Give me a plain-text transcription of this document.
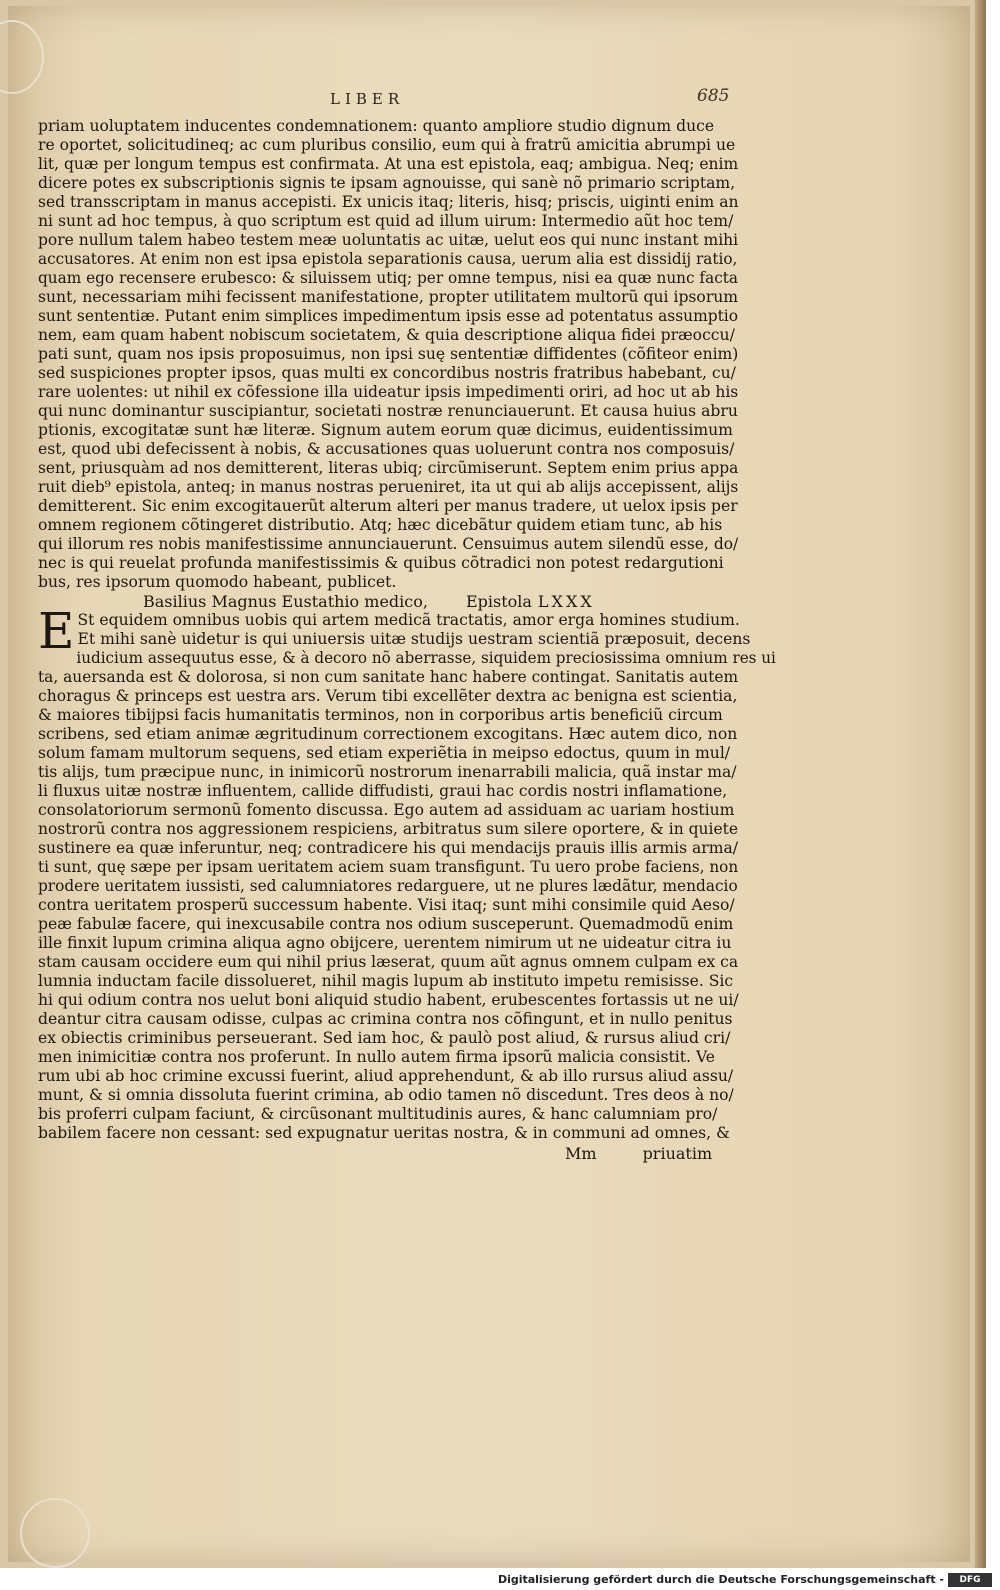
LIBER	685
priam uoluptatem inducentes condemnationem: quanto ampliore studio dignum duce
re oportet, solicitudineq; ac cum pluribus consilio, eum qui à fratrũ amicitia abrumpi ue
lit, quæ per longum tempus est confirmata. At una est epistola, eaq; ambigua. Neq; enim
dicere potes ex subscriptionis signis te ipsam agnouisse, qui sanè nõ primario scriptam,
sed transscriptam in manus accepisti. Ex unicis itaq; literis, hisq; priscis, uiginti enim an
ni sunt ad hoc tempus, à quo scriptum est quid ad illum uirum: Intermedio aũt hoc tem/
pore nullum talem habeo testem meæ uoluntatis ac uitæ, uelut eos qui nunc instant mihi
accusatores. At enim non est ipsa epistola separationis causa, uerum alia est dissidij ratio,
quam ego recensere erubesco: & siluissem utiq; per omne tempus, nisi ea quæ nunc facta
sunt, necessariam mihi fecissent manifestatione, propter utilitatem multorũ qui ipsorum
sunt sententiæ. Putant enim simplices impedimentum ipsis esse ad potentatus assumptio
nem, eam quam habent nobiscum societatem, & quia descriptione aliqua fidei præoccu/
pati sunt, quam nos ipsis proposuimus, non ipsi suę sententiæ diffidentes (cõfiteor enim)
sed suspiciones propter ipsos, quas multi ex concordibus nostris fratribus habebant, cu/
rare uolentes: ut nihil ex cõfessione illa uideatur ipsis impedimenti oriri, ad hoc ut ab his
qui nunc dominantur suscipiantur, societati nostræ renunciauerunt. Et causa huius abru
ptionis, excogitatæ sunt hæ literæ. Signum autem eorum quæ dicimus, euidentissimum
est, quod ubi defecissent à nobis, & accusationes quas uoluerunt contra nos composuis/
sent, priusquàm ad nos demitterent, literas ubiq; circũmiserunt. Septem enim prius appa
ruit dieb⁹ epistola, anteq; in manus nostras perueniret, ita ut qui ab alijs accepissent, alijs
demitterent. Sic enim excogitauerũt alterum alteri per manus tradere, ut uelox ipsis per
omnem regionem cõtingeret distributio. Atq; hæc dicebãtur quidem etiam tunc, ab his
qui illorum res nobis manifestissime annunciauerunt. Censuimus autem silendũ esse, do/
nec is qui reuelat profunda manifestissimis & quibus cõtradici non potest redargutioni
bus, res ipsorum quomodo habeant, publicet.
Basilius Magnus Eustathio medico, Epistola LXXX
E St equidem omnibus uobis qui artem medicã tractatis, amor erga homines studium.
Et mihi sanè uidetur is qui uniuersis uitæ studijs uestram scientiã præposuit, decens
iudicium assequutus esse, & à decoro nõ aberrasse, siquidem preciosissima omnium res ui
ta, auersanda est & dolorosa, si non cum sanitate hanc habere contingat. Sanitatis autem
choragus & princeps est uestra ars. Verum tibi excellẽter dextra ac benigna est scientia,
& maiores tibijpsi facis humanitatis terminos, non in corporibus artis beneficiũ circum
scribens, sed etiam animæ ægritudinum correctionem excogitans. Hæc autem dico, non
solum famam multorum sequens, sed etiam experiẽtia in meipso edoctus, quum in mul/
tis alijs, tum præcipue nunc, in inimicorũ nostrorum inenarrabili malicia, quã instar ma/
li fluxus uitæ nostræ influentem, callide diffudisti, graui hac cordis nostri inflamatione,
consolatoriorum sermonũ fomento discussa. Ego autem ad assiduam ac uariam hostium
nostrorũ contra nos aggressionem respiciens, arbitratus sum silere oportere, & in quiete
sustinere ea quæ inferuntur, neq; contradicere his qui mendacijs prauis illis armis arma/
ti sunt, quę sæpe per ipsam ueritatem aciem suam transfigunt. Tu uero probe faciens, non
prodere ueritatem iussisti, sed calumniatores redarguere, ut ne plures lædãtur, mendacio
contra ueritatem prosperũ successum habente. Visi itaq; sunt mihi consimile quid Aeso/
peæ fabulæ facere, qui inexcusabile contra nos odium susceperunt. Quemadmodũ enim
ille finxit lupum crimina aliqua agno obijcere, uerentem nimirum ut ne uideatur citra iu
stam causam occidere eum qui nihil prius læserat, quum aũt agnus omnem culpam ex ca
lumnia inductam facile dissolueret, nihil magis lupum ab instituto impetu remisisse. Sic
hi qui odium contra nos uelut boni aliquid studio habent, erubescentes fortassis ut ne ui/
deantur citra causam odisse, culpas ac crimina contra nos cõfingunt, et in nullo penitus
ex obiectis criminibus perseuerant. Sed iam hoc, & paulò post aliud, & rursus aliud cri/
men inimicitiæ contra nos proferunt. In nullo autem firma ipsorũ malicia consistit. Ve
rum ubi ab hoc crimine excussi fuerint, aliud apprehendunt, & ab illo rursus aliud assu/
munt, & si omnia dissoluta fuerint crimina, ab odio tamen nõ discedunt. Tres deos à no/
bis proferri culpam faciunt, & circũsonant multitudinis aures, & hanc calumniam pro/
babilem facere non cessant: sed expugnatur ueritas nostra, & in communi ad omnes, &
Mm	priuatim
Digitalisierung gefördert durch die Deutsche Forschungsgemeinschaft -	DFG
